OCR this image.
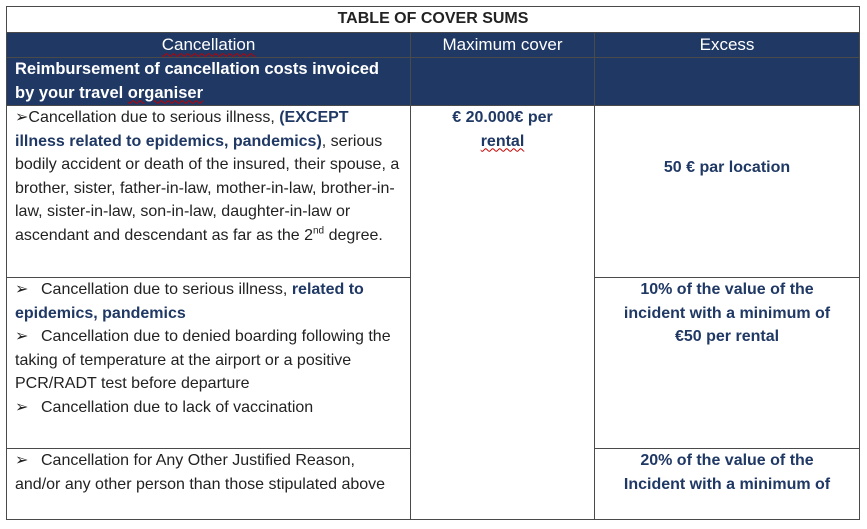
TABLE OF COVER SUMS		
Cancellation	Maximum cover	Excess
Reimbursement of cancellation costs invoiced
by your travel organiser		
➢Cancellation due to serious illness, (EXCEPT illness related to epidemics, pandemics), serious bodily accident or death of the insured, their spouse, a brother, sister, father-in-law, mother-in-law, brother-in-law, sister-in-law, son-in-law, daughter-in-law or ascendant and descendant as far as the 2nd degree.	€ 20.000€ per
rental	50 € par location

➢ Cancellation due to serious illness, related to epidemics, pandemics
➢ Cancellation due to denied boarding following the taking of temperature at the airport or a positive PCR/RADT test before departure
➢ Cancellation due to lack of vaccination		10% of the value of the incident with a minimum of €50 per rental

➢ Cancellation for Any Other Justified Reason, and/or any other person than those stipulated above		20% of the value of the Incident with a minimum of
